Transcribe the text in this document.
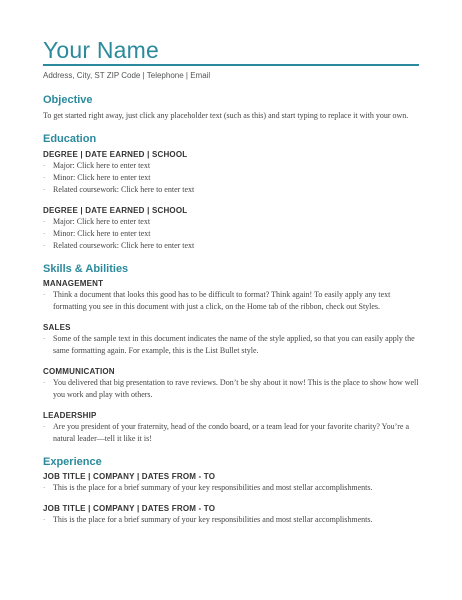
Your Name
Address, City, ST ZIP Code | Telephone | Email
Objective

To get started right away, just click any placeholder text (such as this) and start typing to replace it with your own.

Education

DEGREE | DATE EARNED | SCHOOL

· Major: Click here to enter text
· Minor: Click here to enter text
· Related coursework: Click here to enter text

DEGREE | DATE EARNED | SCHOOL

· Major: Click here to enter text
· Minor: Click here to enter text
· Related coursework: Click here to enter text
Skills & Abilities

MANAGEMENT

· Think a document that looks this good has to be difficult to format? Think again! To easily apply any text formatting you see in this document with just a click, on the Home tab of the ribbon, check out Styles.

SALES

· Some of the sample text in this document indicates the name of the style applied, so that you can easily apply the same formatting again. For example, this is the List Bullet style.

COMMUNICATION

· You delivered that big presentation to rave reviews. Don’t be shy about it now! This is the place to show how well you work and play with others.

LEADERSHIP

· Are you president of your fraternity, head of the condo board, or a team lead for your favorite charity? You’re a natural leader—tell it like it is!
Experience

JOB TITLE | COMPANY | DATES FROM - TO

· This is the place for a brief summary of your key responsibilities and most stellar accomplishments.

JOB TITLE | COMPANY | DATES FROM - TO

· This is the place for a brief summary of your key responsibilities and most stellar accomplishments.
